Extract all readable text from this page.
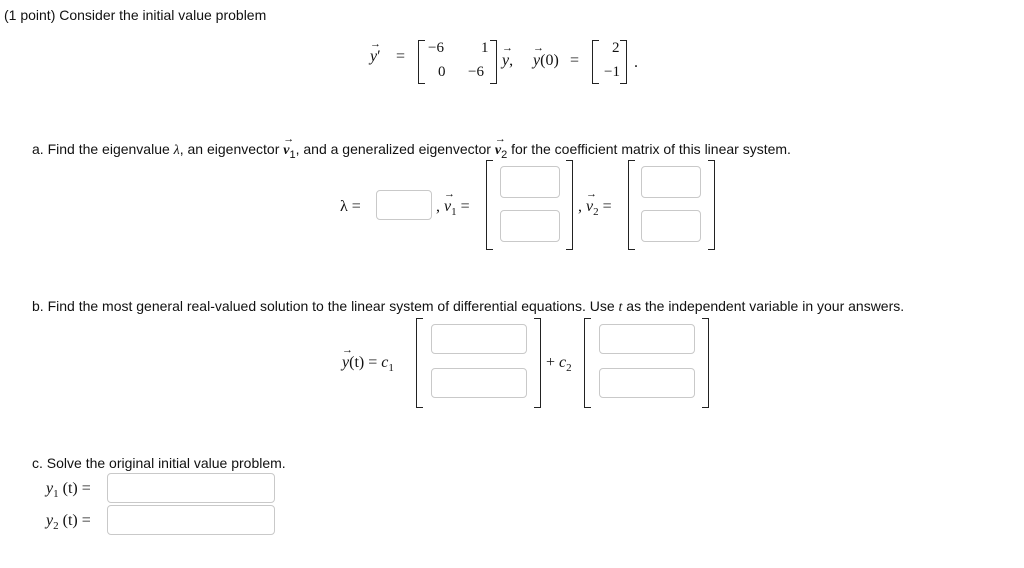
(1 point) Consider the initial value problem
→
y′ = −6 1
0 −6
→
y,
→
y(0) =
2
−1
.
a. Find the eigenvalue λ, an eigenvector
→
$v_1$, and a generalized eigenvector
→
$v_2$ for the coefficient matrix of this linear system.
λ =	,
→
$v_1$ =	,
→
$v_2$ =
b. Find the most general real-valued solution to the linear system of differential equations. Use t as the independent variable in your answers.
→
$y(t) = c_1$	+ $c_2$
c. Solve the original initial value problem.
$y_1$ (t) =
$y_2$ (t) =
